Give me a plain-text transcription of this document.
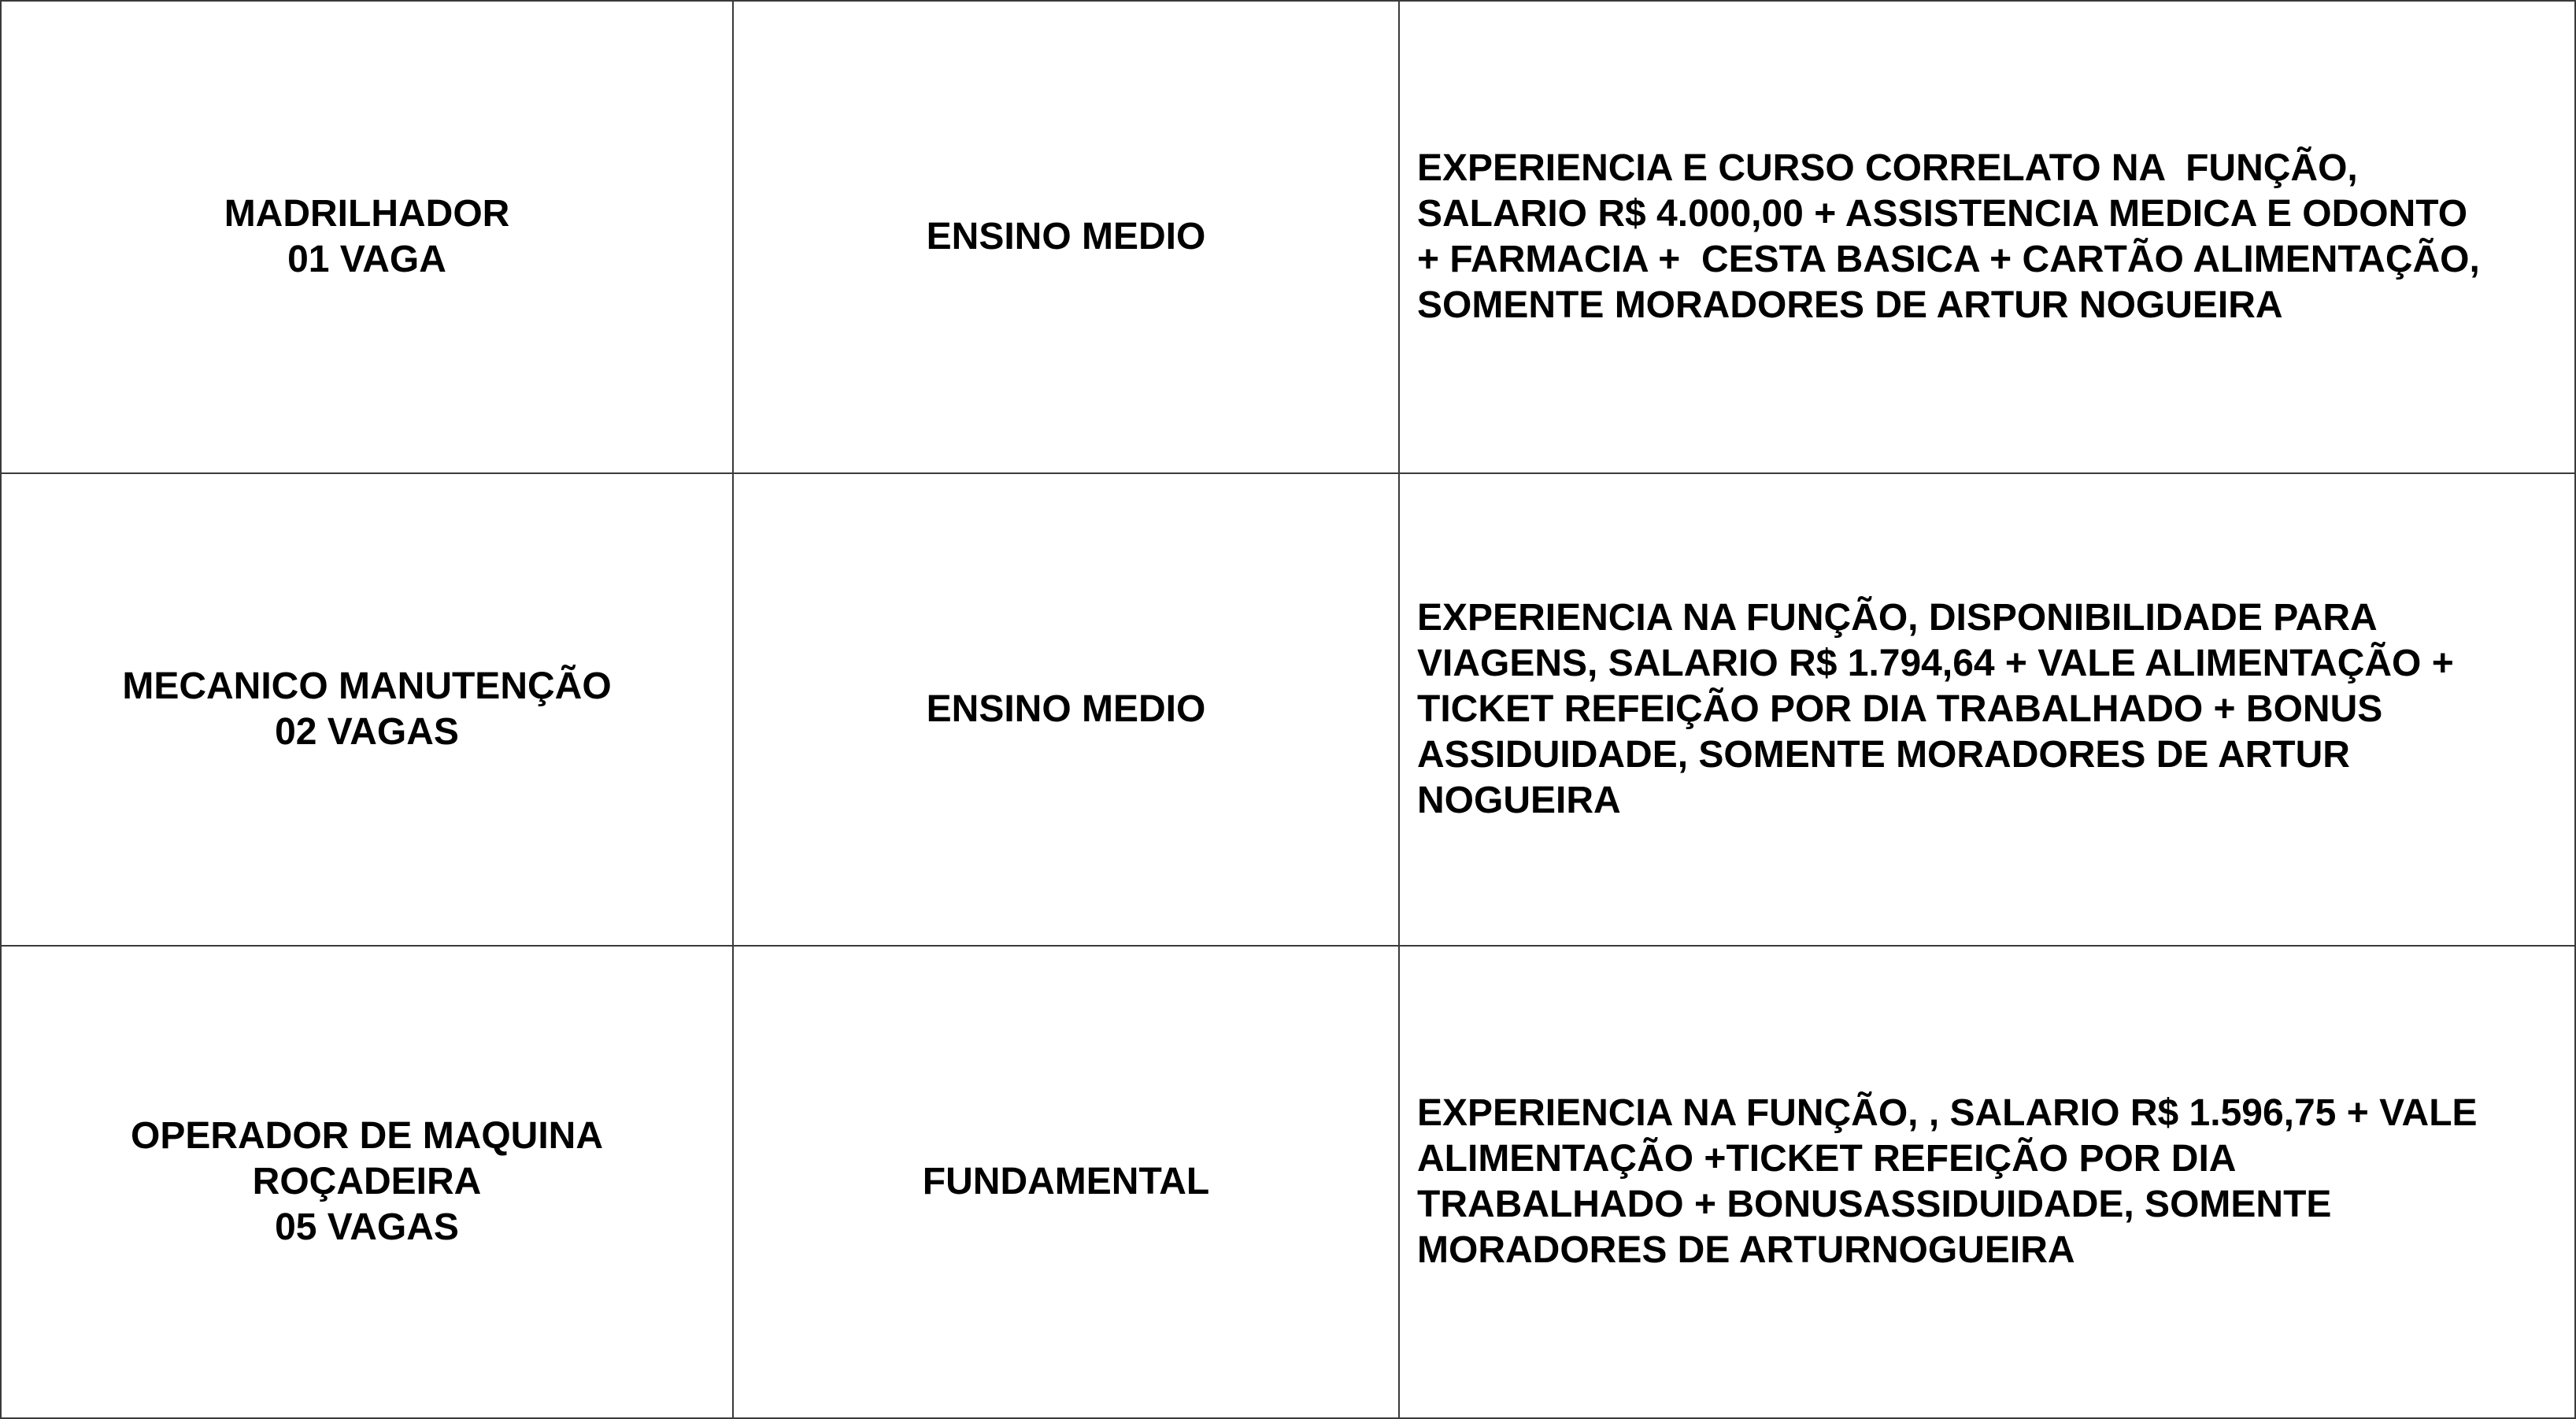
MADRILHADOR
01 VAGA	ENSINO MEDIO	EXPERIENCIA E CURSO CORRELATO NA  FUNÇÃO,
SALARIO R$ 4.000,00 + ASSISTENCIA MEDICA E ODONTO
+ FARMACIA +  CESTA BASICA + CARTÃO ALIMENTAÇÃO,
SOMENTE MORADORES DE ARTUR NOGUEIRA

MECANICO MANUTENÇÃO
02 VAGAS	ENSINO MEDIO	EXPERIENCIA NA FUNÇÃO, DISPONIBILIDADE PARA
VIAGENS, SALARIO R$ 1.794,64 + VALE ALIMENTAÇÃO +
TICKET REFEIÇÃO POR DIA TRABALHADO + BONUS
ASSIDUIDADE, SOMENTE MORADORES DE ARTUR
NOGUEIRA

OPERADOR DE MAQUINA
ROÇADEIRA
05 VAGAS	FUNDAMENTAL	EXPERIENCIA NA FUNÇÃO, , SALARIO R$ 1.596,75 + VALE
ALIMENTAÇÃO +TICKET REFEIÇÃO POR DIA
TRABALHADO + BONUSASSIDUIDADE, SOMENTE
MORADORES DE ARTURNOGUEIRA
